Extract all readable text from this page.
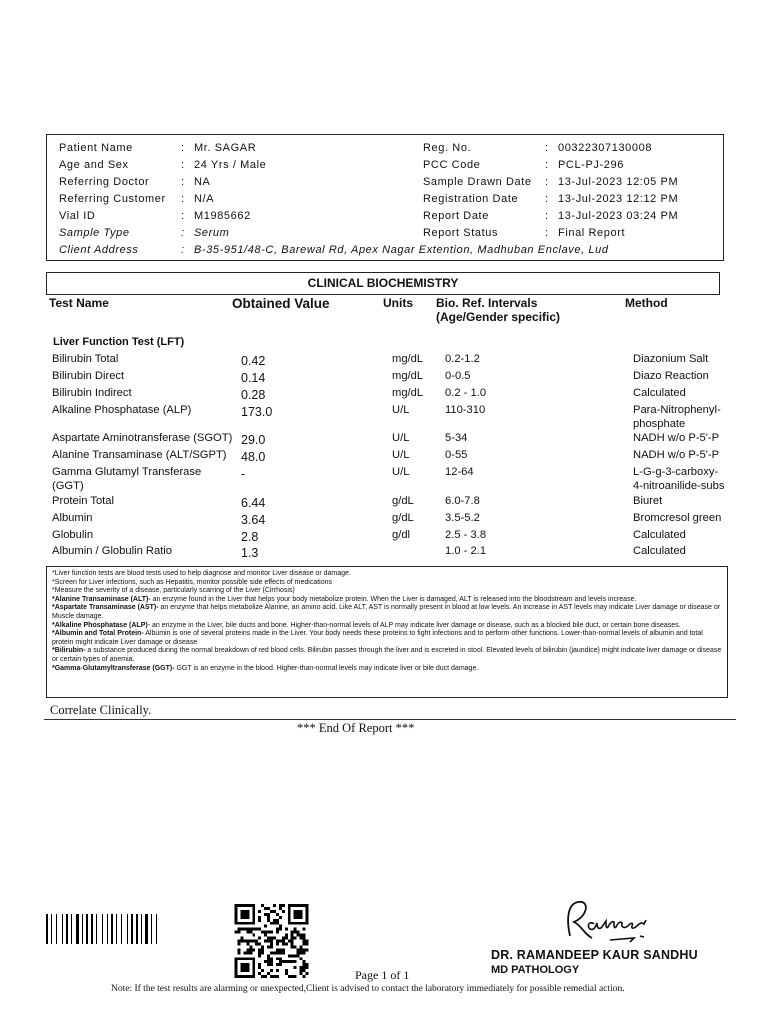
Patient Name	: Mr. SAGAR
Age and Sex	: 24 Yrs / Male
Referring Doctor	: NA
Referring Customer : N/A
Vial ID	: M1985662
Sample Type	: Serum
Reg. No.	: 00322307130008
PCC Code	: PCL-PJ-296
Sample Drawn Date : 13-Jul-2023 12:05 PM
Registration Date : 13-Jul-2023 12:12 PM
Report Date	: 13-Jul-2023 03:24 PM
Report Status	: Final Report
Client Address	: B-35-951/48-C, Barewal Rd, Apex Nagar Extention, Madhuban Enclave, Lud
CLINICAL BIOCHEMISTRY
Test Name	Obtained Value	Units Bio. Ref. Intervals
(Age/Gender specific)
Method
Liver Function Test (LFT)
Bilirubin Total	0.42	mg/dL 0.2-1.2	Diazonium Salt
Bilirubin Direct	0.14	mg/dL 0-0.5	Diazo Reaction
Bilirubin Indirect	0.28	mg/dL 0.2 - 1.0	Calculated
Alkaline Phosphatase (ALP)	173.0	U/L	110-310	Para-Nitrophenyl-
phosphate
Aspartate Aminotransferase (SGOT) 29.0	U/L	5-34	NADH w/o P-5'-P
Alanine Transaminase (ALT/SGPT) 48.0	U/L	0-55	NADH w/o P-5'-P
Gamma Glutamyl Transferase
(GGT)
-	U/L	12-64	L-G-g-3-carboxy-
4-nitroanilide-subs
Protein Total	6.44	g/dL	6.0-7.8	Biuret
Albumin	3.64	g/dL	3.5-5.2	Bromcresol green
Globulin	2.8	g/dl	2.5 - 3.8	Calculated
Albumin / Globulin Ratio	1.3	1.0 - 2.1	Calculated

*Liver function tests are blood tests used to help diagnose and monitor Liver disease or damage.

*Screen for Liver infections, such as Hepatitis, monitor possible side effects of medications

*Measure the severity of a disease, particularly scarring of the Liver (Cirrhosis)

*Alanine Transaminase (ALT)- an enzyme found in the Liver that helps your body metabolize protein. When the Liver is damaged, ALT is released into the bloodstream and levels increase.

*Aspartate Transaminase (AST)- an enzyme that helps metabolize Alanine, an amino acid. Like ALT, AST is normally present in blood at low levels. An increase in AST levels may indicate Liver damage or disease or Muscle damage.

*Alkaline Phosphatase (ALP)- an enzyme in the Liver, bile ducts and bone. Higher-than-normal levels of ALP may indicate liver damage or disease, such as a blocked bile duct, or certain bone diseases.

*Albumin and Total Protein- Albumin is one of several proteins made in the Liver. Your body needs these proteins to fight infections and to perform other functions. Lower-than-normal levels of albumin and total protein might indicate Liver damage or disease

*Bilirubin- a substance produced during the normal breakdown of red blood cells. Bilirubin passes through the liver and is excreted in stool. Elevated levels of bilirubin (jaundice) might indicate liver damage or disease or certain types of anemia.

*Gamma-Glutamyltransferase (GGT)- GGT is an enzyme in the blood. Higher-than-normal levels may indicate liver or bile duct damage.

Correlate Clinically.
*** End Of Report ***
DR. RAMANDEEP KAUR SANDHU
MD PATHOLOGY
Page 1 of 1
Note: If the test results are alarming or unexpected,Client is advised to contact the laboratory immediately for possible remedial action.
